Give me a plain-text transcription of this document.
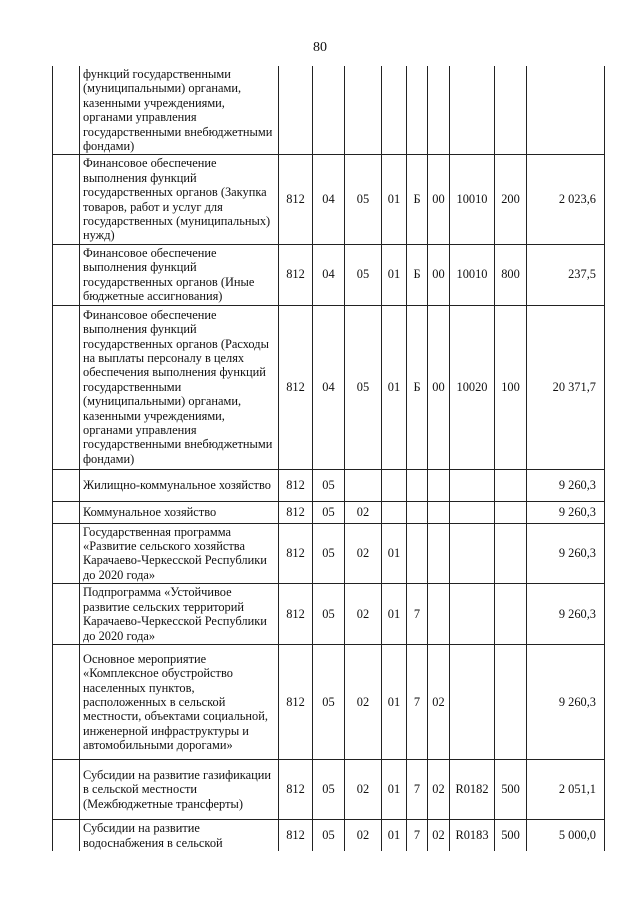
80
	функций государственными (муниципальными) органами, казенными учреждениями, органами управления государственными внебюджетными фондами)									
	Финансовое обеспечение выполнения функций государственных органов (Закупка товаров, работ и услуг для государственных (муниципальных) нужд)	812	04	05	01	Б	00	10010	200	2 023,6
	Финансовое обеспечение выполнения функций государственных органов (Иные бюджетные ассигнования)	812	04	05	01	Б	00	10010	800	237,5
	Финансовое обеспечение выполнения функций государственных органов (Расходы на выплаты персоналу в целях обеспечения выполнения функций государственными (муниципальными) органами, казенными учреждениями, органами управления государственными внебюджетными фондами)	812	04	05	01	Б	00	10020	100	20 371,7
	Жилищно-коммунальное хозяйство	812	05							9 260,3
	Коммунальное хозяйство	812	05	02						9 260,3
	Государственная программа «Развитие сельского хозяйства Карачаево-Черкесской Республики до 2020 года»	812	05	02	01					9 260,3
	Подпрограмма «Устойчивое развитие сельских территорий Карачаево-Черкесской Республики до 2020 года»	812	05	02	01	7				9 260,3
	Основное мероприятие «Комплексное обустройство населенных пунктов, расположенных в сельской местности, объектами социальной, инженерной инфраструктуры и автомобильными дорогами»	812	05	02	01	7	02			9 260,3
	Субсидии на развитие газификации в сельской местности (Межбюджетные трансферты)	812	05	02	01	7	02	R0182	500	2 051,1
	Субсидии на развитие водоснабжения в сельской	812	05	02	01	7	02	R0183	500	5 000,0
